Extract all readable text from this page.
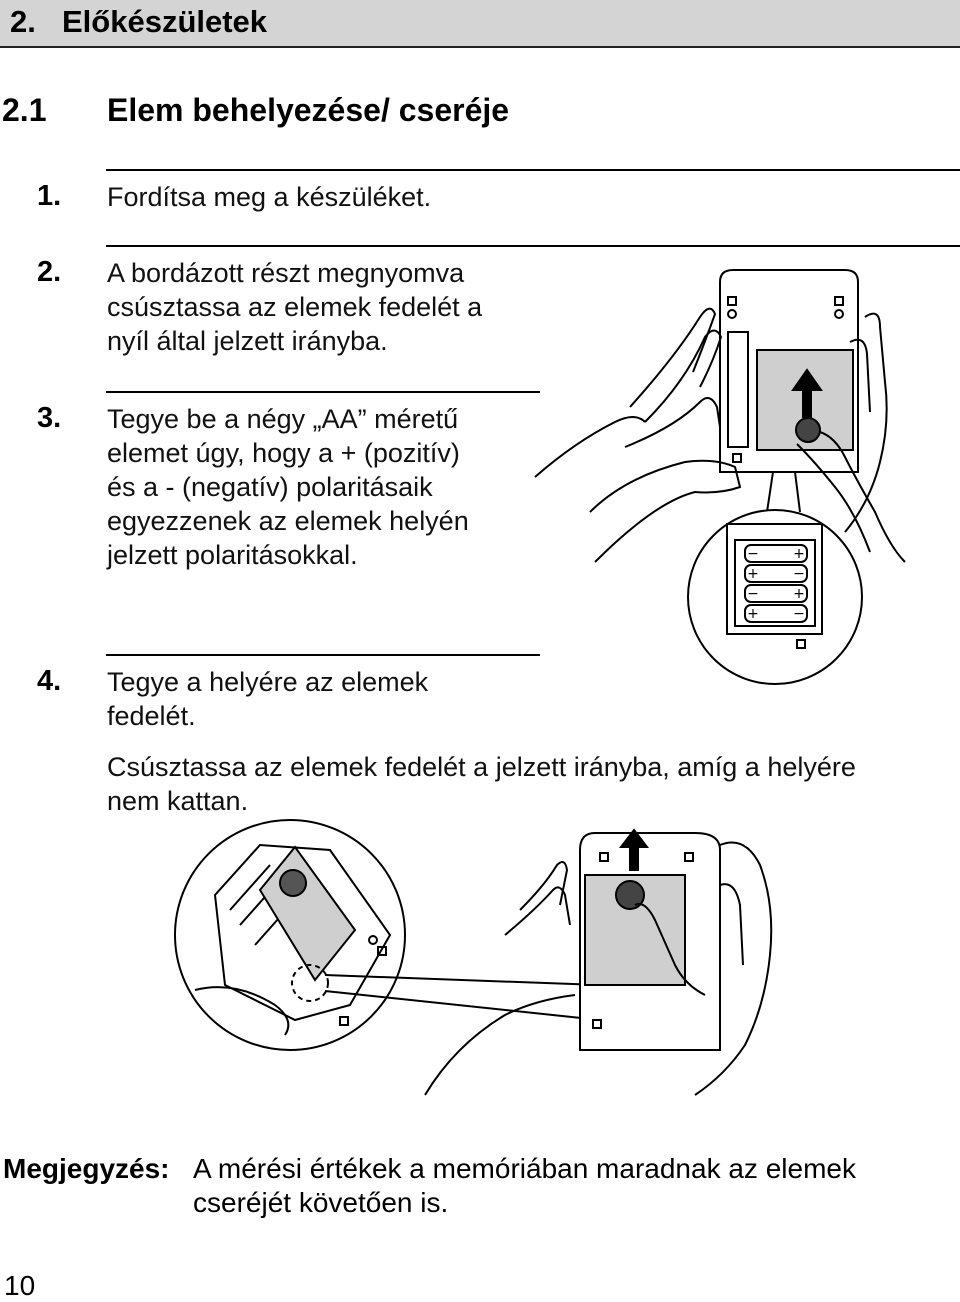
2. Előkészületek
2.1 Elem behelyezése/ cseréje
1. Fordítsa meg a készüléket.
2. A bordázott részt megnyomva
csúsztassa az elemek fedelét a
nyíl által jelzett irányba.
3. Tegye be a négy „AA” méretű
elemet úgy, hogy a + (pozitív)
és a - (negatív) polaritásaik
egyezzenek az elemek helyén
jelzett polaritásokkal.
4. Tegye a helyére az elemek
fedelét.
Csúsztassa az elemek fedelét a jelzett irányba, amíg a helyére
nem kattan.
− +
+ −
− +
+ −
Megjegyzés: A mérési értékek a memóriában maradnak az elemek
cseréjét követően is.
10
